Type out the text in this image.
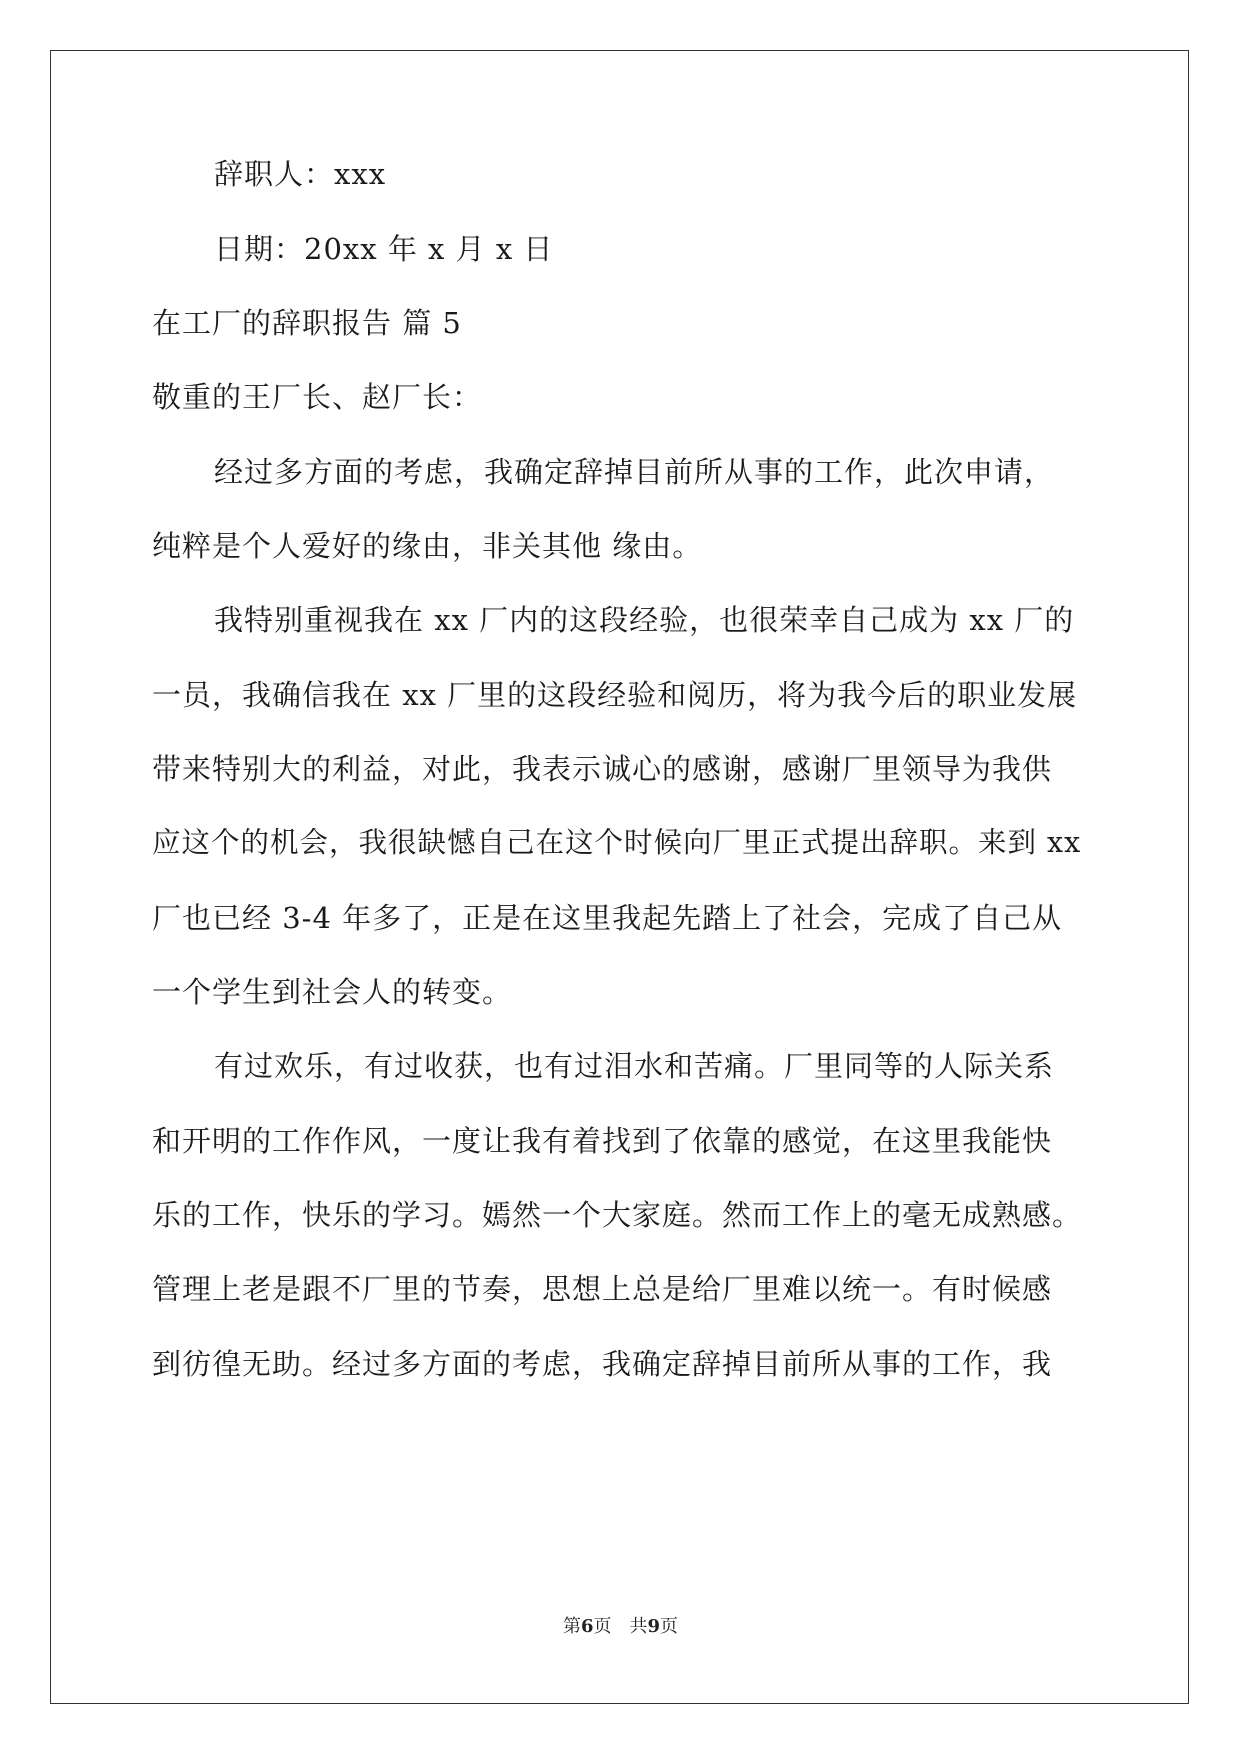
辞职人：xxx
日期：20xx 年 x 月 x 日
在工厂的辞职报告 篇 5
敬重的王厂长、赵厂长：
经过多方面的考虑，我确定辞掉目前所从事的工作，此次申请，
纯粹是个人爱好的缘由，非关其他 缘由。
我特别重视我在 xx 厂内的这段经验，也很荣幸自己成为 xx 厂的
一员，我确信我在 xx 厂里的这段经验和阅历，将为我今后的职业发展
带来特别大的利益，对此，我表示诚心的感谢，感谢厂里领导为我供
应这个的机会，我很缺憾自己在这个时候向厂里正式提出辞职。来到 xx
厂也已经 3-4 年多了，正是在这里我起先踏上了社会，完成了自己从
一个学生到社会人的转变。
有过欢乐，有过收获，也有过泪水和苦痛。厂里同等的人际关系
和开明的工作作风，一度让我有着找到了依靠的感觉，在这里我能快
乐的工作，快乐的学习。嫣然一个大家庭。然而工作上的毫无成熟感。
管理上老是跟不厂里的节奏，思想上总是给厂里难以统一。有时候感
到彷徨无助。经过多方面的考虑，我确定辞掉目前所从事的工作，我
第6页　共9页
